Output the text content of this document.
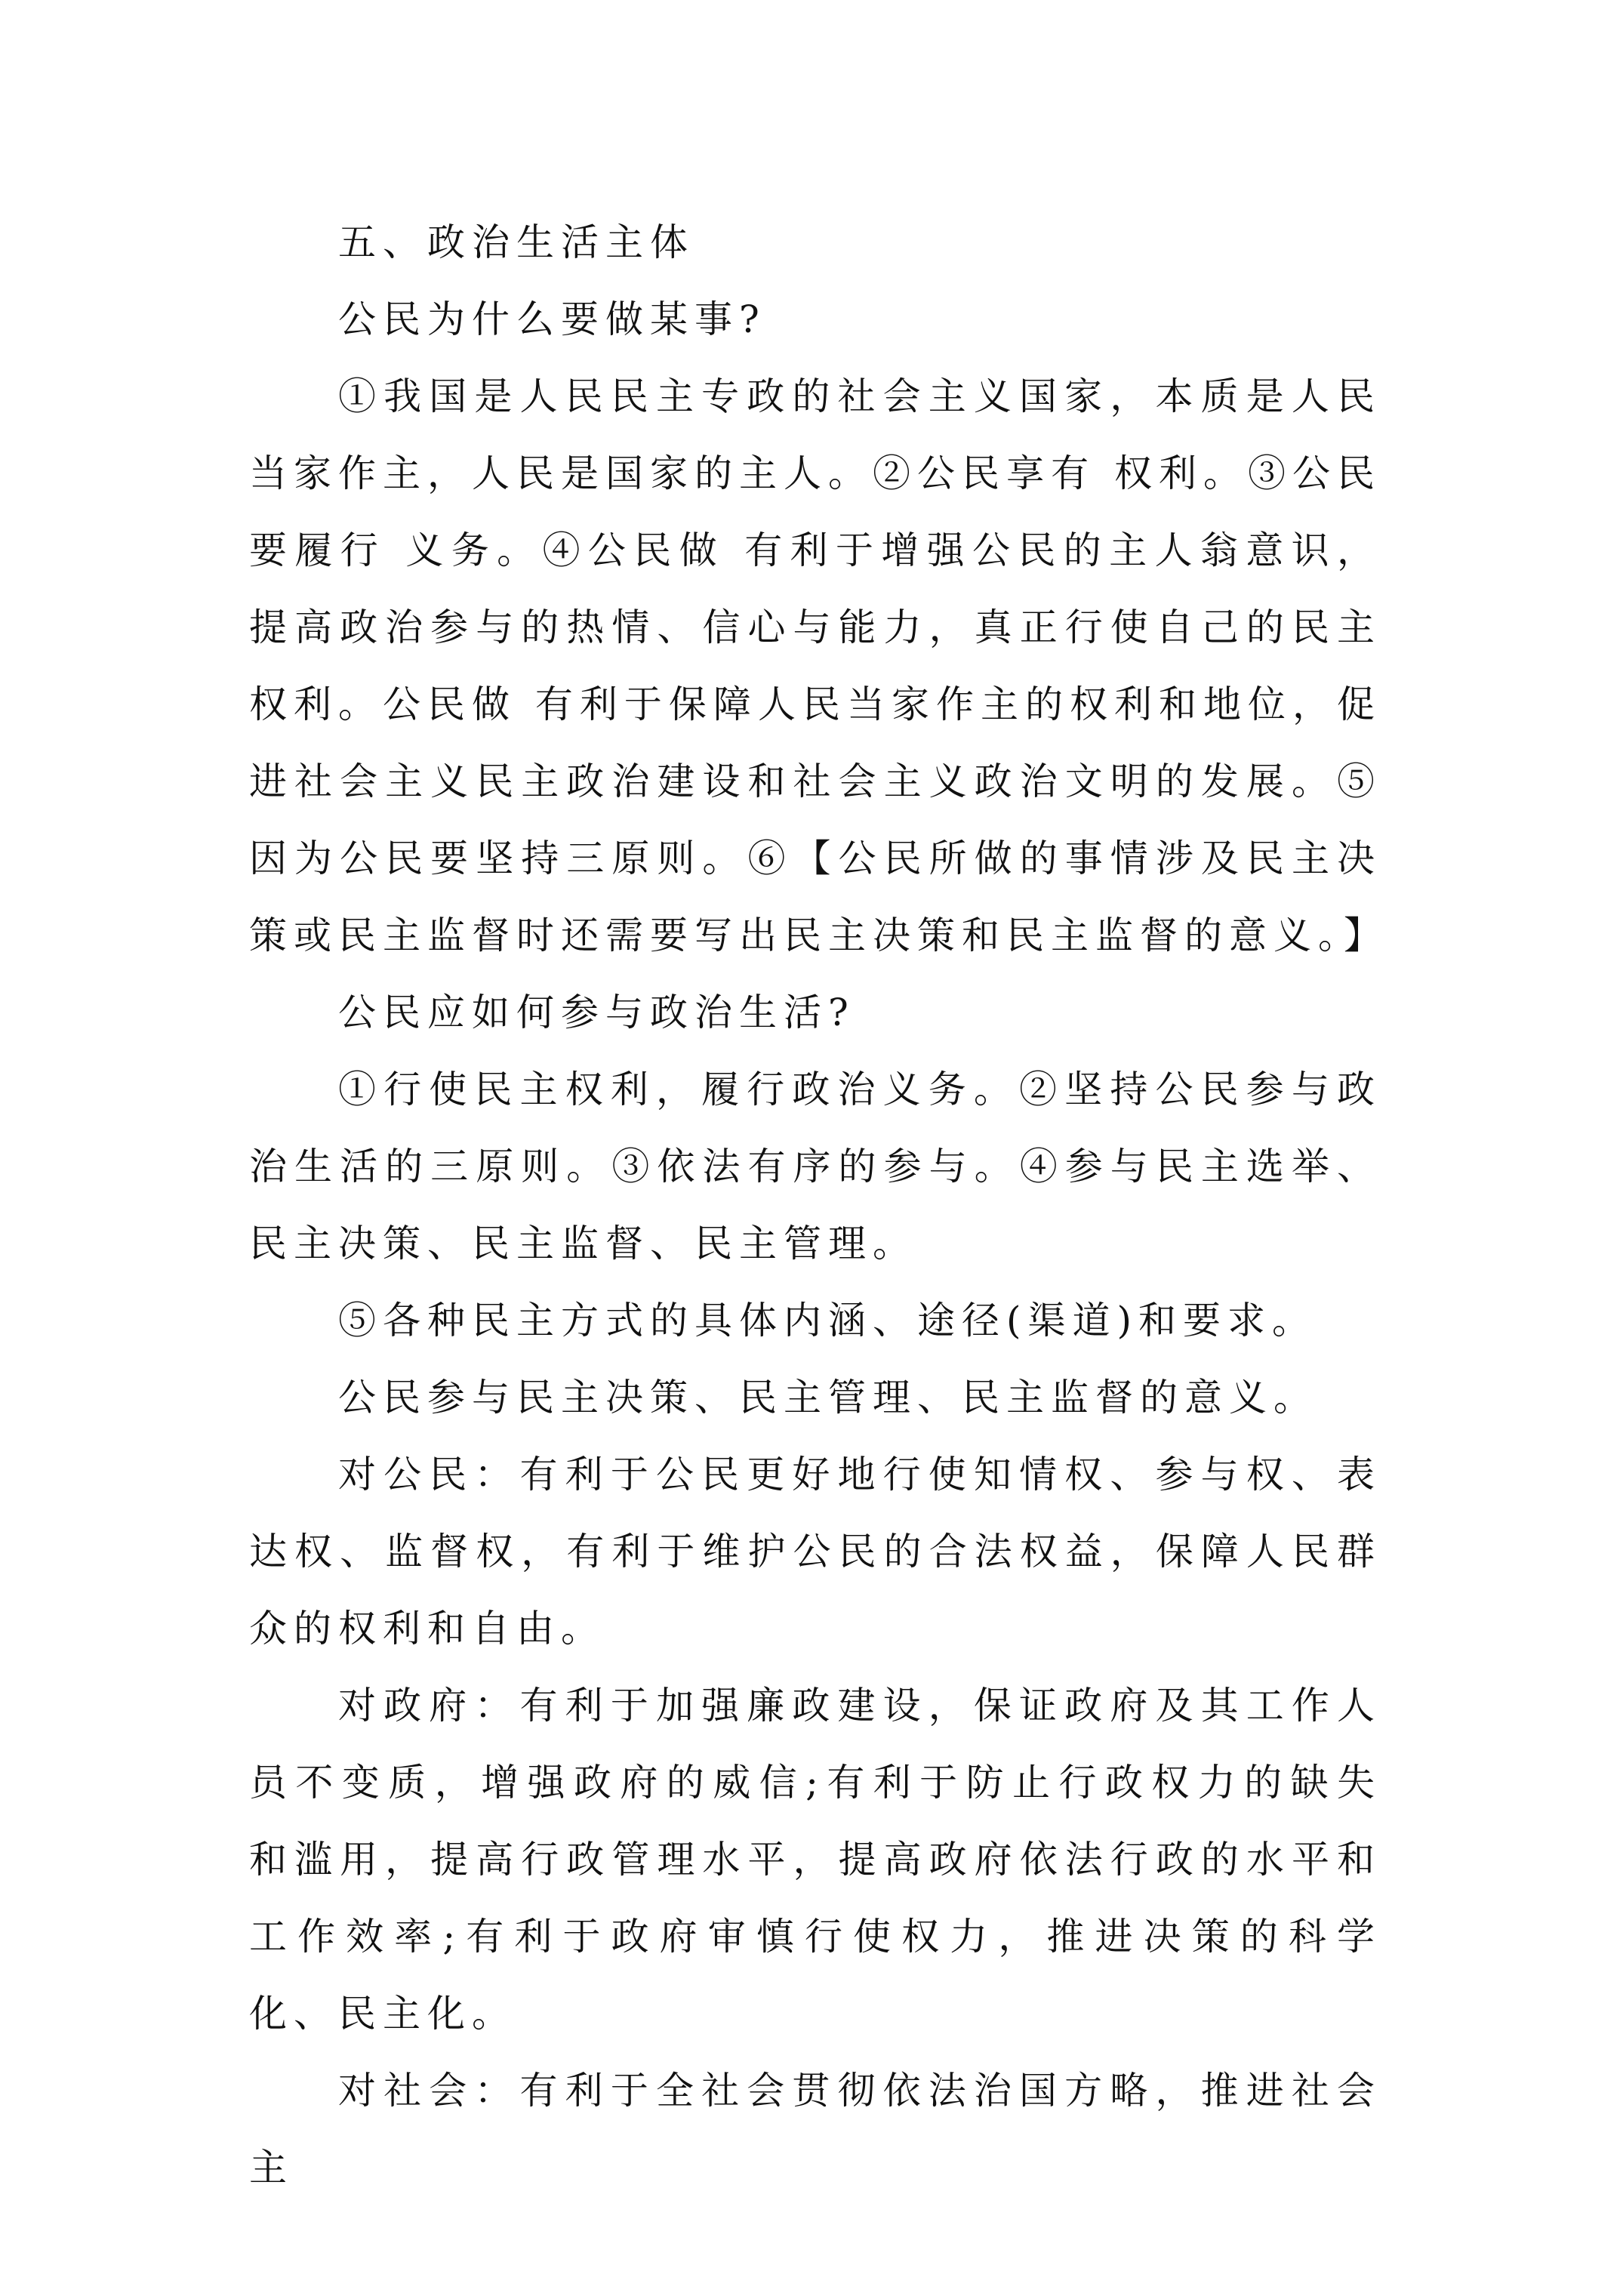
五、政治生活主体

公民为什么要做某事?

①我国是人民民主专政的社会主义国家，本质是人民当家作主，人民是国家的主人。②公民享有 权利。③公民要履行 义务。④公民做 有利于增强公民的主人翁意识，提高政治参与的热情、信心与能力，真正行使自己的民主权利。公民做 有利于保障人民当家作主的权利和地位，促进社会主义民主政治建设和社会主义政治文明的发展。⑤因为公民要坚持三原则。⑥【公民所做的事情涉及民主决策或民主监督时还需要写出民主决策和民主监督的意义。】

公民应如何参与政治生活?

①行使民主权利，履行政治义务。②坚持公民参与政治生活的三原则。③依法有序的参与。④参与民主选举、民主决策、民主监督、民主管理。

⑤各种民主方式的具体内涵、途径(渠道)和要求。

公民参与民主决策、民主管理、民主监督的意义。

对公民：有利于公民更好地行使知情权、参与权、表达权、监督权，有利于维护公民的合法权益，保障人民群众的权利和自由。

对政府：有利于加强廉政建设，保证政府及其工作人员不变质，增强政府的威信;有利于防止行政权力的缺失和滥用，提高行政管理水平，提高政府依法行政的水平和工作效率;有利于政府审慎行使权力，推进决策的科学化、民主化。

对社会：有利于全社会贯彻依法治国方略，推进社会主
